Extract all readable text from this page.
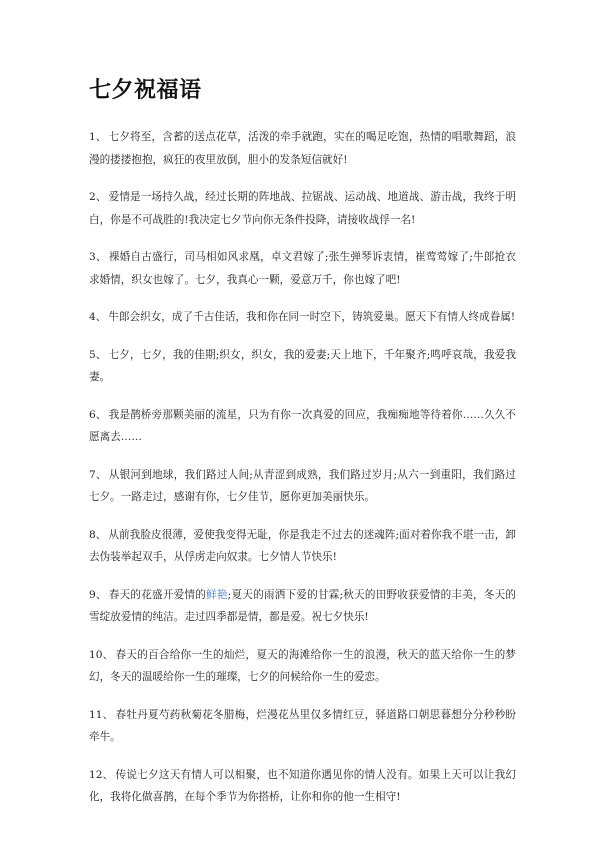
七夕祝福语
1、 七夕将至，含蓄的送点花草，活泼的牵手就跑，实在的喝足吃饱，热情的唱歌舞蹈，浪漫的搂搂抱抱，疯狂的夜里放倒，胆小的发条短信就好!
2、 爱情是一场持久战，经过长期的阵地战、拉锯战、运动战、地道战、游击战，我终于明白，你是不可战胜的!我决定七夕节向你无条件投降，请接收战俘一名!
3、 裸婚自古盛行，司马相如风求凰，卓文君嫁了;张生弹琴诉衷情，崔莺莺嫁了;牛郎抢衣求婚情，织女也嫁了。七夕，我真心一颗，爱意万千，你也嫁了吧!
4、 牛郎会织女，成了千古佳话，我和你在同一时空下，铸筑爱巢。愿天下有情人终成眷属!
5、 七夕，七夕，我的佳期;织女，织女，我的爱妻;天上地下，千年聚齐;鸣呼哀哉，我爱我妻。
6、 我是鹊桥旁那颗美丽的流星，只为有你一次真爱的回应，我痴痴地等待着你……久久不愿离去……
7、 从银河到地球，我们路过人间;从青涩到成熟，我们路过岁月;从六一到重阳，我们路过七夕。一路走过，感谢有你，七夕佳节，愿你更加美丽快乐。
8、 从前我脸皮很薄，爱使我变得无耻，你是我走不过去的迷魂阵;面对着你我不堪一击，卸去伪装举起双手，从俘虏走向奴隶。七夕情人节快乐!
9、 春天的花盛开爱情的鲜艳;夏天的雨洒下爱的甘霖;秋天的田野收获爱情的丰美，冬天的雪绽放爱情的纯洁。走过四季都是情，都是爱。祝七夕快乐!
10、 春天的百合给你一生的灿烂，夏天的海滩给你一生的浪漫，秋天的蓝天给你一生的梦幻，冬天的温暖给你一生的璀璨，七夕的问候给你一生的爱恋。
11、 春牡丹夏芍药秋菊花冬腊梅，烂漫花丛里仅多情红豆，驿道路口朝思暮想分分秒秒盼牵牛。
12、 传说七夕这天有情人可以相聚，也不知道你遇见你的情人没有。如果上天可以让我幻化，我将化做喜鹊，在每个季节为你搭桥，让你和你的他一生相守!
